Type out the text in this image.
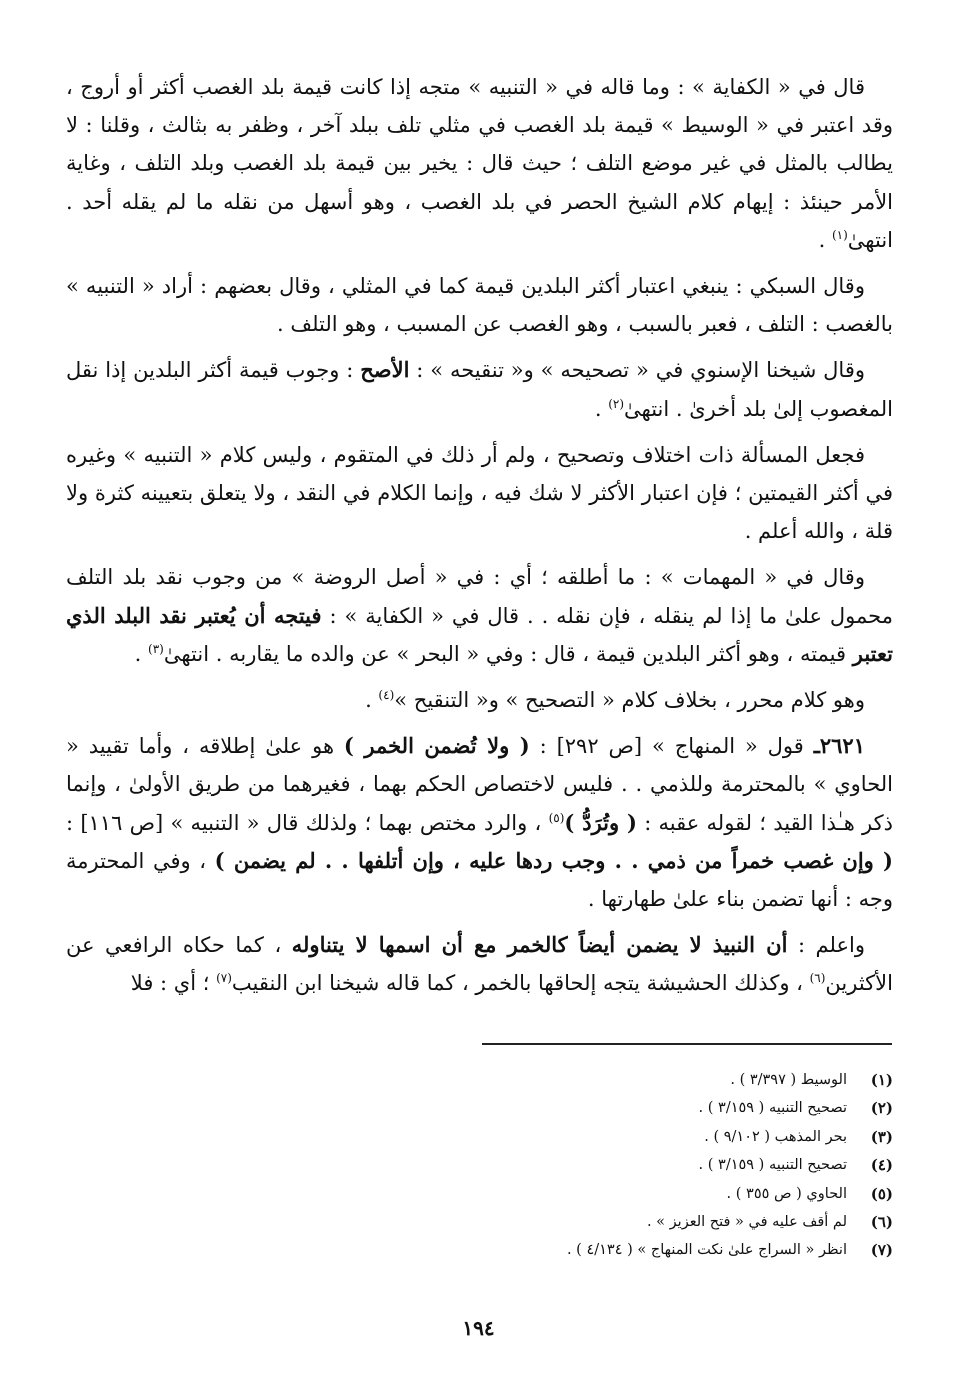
قال في « الكفاية » : وما قاله في « التنبيه » متجه إذا كانت قيمة بلد الغصب أكثر أو أروج ، وقد اعتبر في « الوسيط » قيمة بلد الغصب في مثلي تلف ببلد آخر ، وظفر به بثالث ، وقلنا : لا يطالب بالمثل في غير موضع التلف ؛ حيث قال : يخير بين قيمة بلد الغصب وبلد التلف ، وغاية الأمر حينئذ : إيهام كلام الشيخ الحصر في بلد الغصب ، وهو أسهل من نقله ما لم يقله أحد . انتهىٰ$^{(١)}$ .

وقال السبكي : ينبغي اعتبار أكثر البلدين قيمة كما في المثلي ، وقال بعضهم : أراد « التنبيه » بالغصب : التلف ، فعبر بالسبب ، وهو الغصب عن المسبب ، وهو التلف .

وقال شيخنا الإسنوي في « تصحيحه » و« تنقيحه » : الأصح : وجوب قيمة أكثر البلدين إذا نقل المغصوب إلىٰ بلد أخرىٰ . انتهىٰ$^{(٢)}$ .

فجعل المسألة ذات اختلاف وتصحيح ، ولم أر ذلك في المتقوم ، وليس كلام « التنبيه » وغيره في أكثر القيمتين ؛ فإن اعتبار الأكثر لا شك فيه ، وإنما الكلام في النقد ، ولا يتعلق بتعيينه كثرة ولا قلة ، والله أعلم .

وقال في « المهمات » : ما أطلقه ؛ أي : في « أصل الروضة » من وجوب نقد بلد التلف محمول علىٰ ما إذا لم ينقله ، فإن نقله . . قال في « الكفاية » : فيتجه أن يُعتبر نقد البلد الذي تعتبر قيمته ، وهو أكثر البلدين قيمة ، قال : وفي « البحر » عن والده ما يقاربه . انتهىٰ$^{(٣)}$ .

وهو كلام محرر ، بخلاف كلام « التصحيح » و« التنقيح »$^{(٤)}$ .

٢٦٢١ـ قول « المنهاج » [ص ٢٩٢] : ( ولا تُضمن الخمر ) هو علىٰ إطلاقه ، وأما تقييد « الحاوي » بالمحترمة وللذمي . . فليس لاختصاص الحكم بهما ، فغيرهما من طريق الأولىٰ ، وإنما ذكر هـٰذا القيد ؛ لقوله عقبه : ( وتُرَدُّ )$^{(٥)}$ ، والرد مختص بهما ؛ ولذلك قال « التنبيه » [ص ١١٦] : ( وإن غصب خمراً من ذمي . . وجب ردها عليه ، وإن أتلفها . . لم يضمن ) ، وفي المحترمة وجه : أنها تضمن بناء علىٰ طهارتها .

واعلم : أن النبيذ لا يضمن أيضاً كالخمر مع أن اسمها لا يتناوله ، كما حكاه الرافعي عن الأكثرين$^{(٦)}$ ، وكذلك الحشيشة يتجه إلحاقها بالخمر ، كما قاله شيخنا ابن النقيب$^{(٧)}$ ؛ أي : فلا

(١)
الوسيط ( ٣/٣٩٧ ) .
(٢)
تصحيح التنبيه ( ٣/١٥٩ ) .
(٣)
بحر المذهب ( ٩/١٠٢ ) .
(٤)
تصحيح التنبيه ( ٣/١٥٩ ) .
(٥)
الحاوي ( ص ٣٥٥ ) .
(٦)
لم أقف عليه في « فتح العزيز » .
(٧)
انظر « السراج علىٰ نكت المنهاج » ( ٤/١٣٤ ) .
١٩٤
